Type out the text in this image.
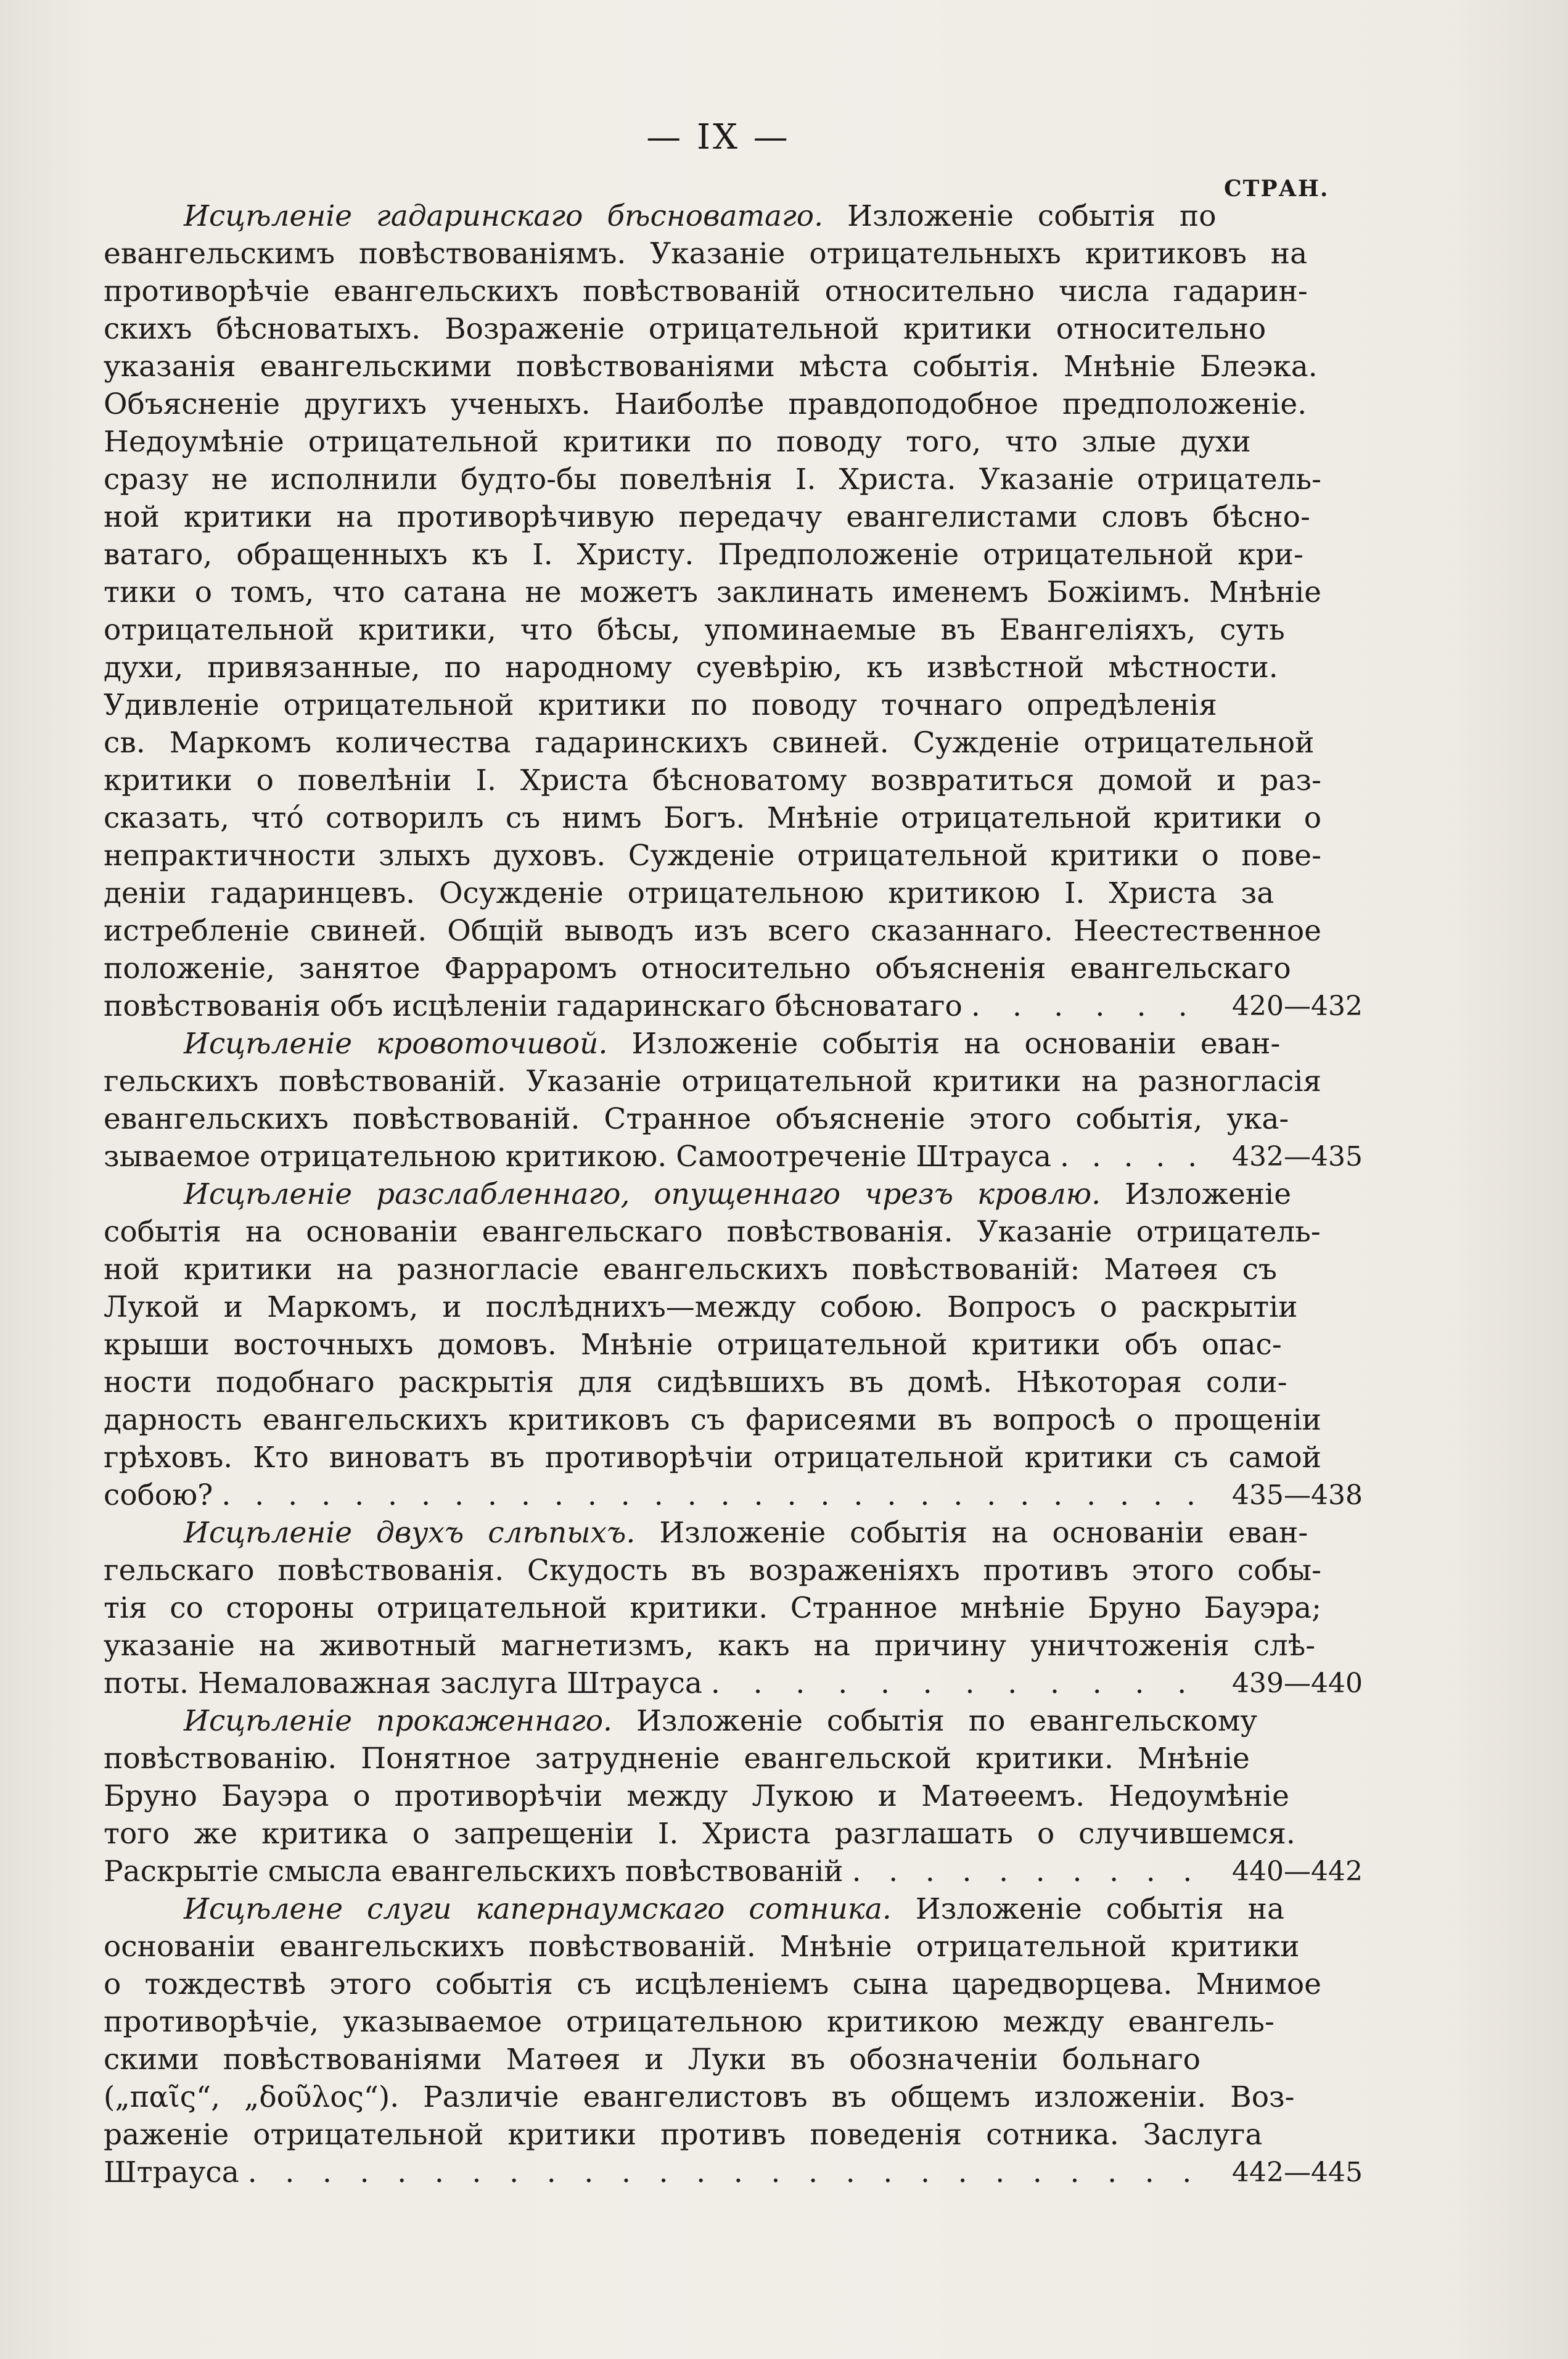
— IX —
СТРАН.
Исцѣленіе гадаринскаго бѣсноватаго. Изложеніе событія по
евангельскимъ повѣствованіямъ. Указаніе отрицательныхъ критиковъ на
противорѣчіе евангельскихъ повѣствованій относительно числа гадарин-
скихъ бѣсноватыхъ. Возраженіе отрицательной критики относительно
указанія евангельскими повѣствованіями мѣста событія. Мнѣніе Блеэка.
Объясненіе другихъ ученыхъ. Наиболѣе правдоподобное предположеніе.
Недоумѣніе отрицательной критики по поводу того, что злые духи
сразу не исполнили будто-бы повелѣнія I. Христа. Указаніе отрицатель-
ной критики на противорѣчивую передачу евангелистами словъ бѣсно-
ватаго, обращенныхъ къ I. Христу. Предположеніе отрицательной кри-
тики о томъ, что сатана не можетъ заклинать именемъ Божіимъ. Мнѣніе
отрицательной критики, что бѣсы, упоминаемые въ Евангеліяхъ, суть
духи, привязанные, по народному суевѣрію, къ извѣстной мѣстности.
Удивленіе отрицательной критики по поводу точнаго опредѣленія
св. Маркомъ количества гадаринскихъ свиней. Сужденіе отрицательной
критики о повелѣніи I. Христа бѣсноватому возвратиться домой и раз-
сказать, чтó сотворилъ съ нимъ Богъ. Мнѣніе отрицательной критики о
непрактичности злыхъ духовъ. Сужденіе отрицательной критики о пове-
деніи гадаринцевъ. Осужденіе отрицательною критикою I. Христа за
истребленіе свиней. Общій выводъ изъ всего сказаннаго. Неестественное
положеніе, занятое Фаррaромъ относительно объясненія евангельскаго
повѣствованія объ исцѣленіи гадаринскаго бѣсноватаго ...... 420—432
Исцѣленіе кровоточивой. Изложеніе событія на основаніи еван-
гельскихъ повѣствованій. Указаніе отрицательной критики на разногласія
евангельскихъ повѣствованій. Странное объясненіе этого событія, ука-
зываемое отрицательною критикою. Самоотреченіе Штрауса ..... 432—435
Исцѣленіе разслабленнаго, опущеннаго чрезъ кровлю. Изложеніе
событія на основаніи евангельскаго повѣствованія. Указаніе отрицатель-
ной критики на разногласіе евангельскихъ повѣствованій: Матѳея съ
Лукой и Маркомъ, и послѣднихъ—между собою. Вопросъ о раскрытіи
крыши восточныхъ домовъ. Мнѣніе отрицательной критики объ опас-
ности подобнаго раскрытія для сидѣвшихъ въ домѣ. Нѣкоторая соли-
дарность евангельскихъ критиковъ съ фарисеями въ вопросѣ о прощеніи
грѣховъ. Кто виноватъ въ противорѣчіи отрицательной критики съ самой
собою? .............................. 435—438
Исцѣленіе двухъ слѣпыхъ. Изложеніе событія на основаніи еван-
гельскаго повѣствованія. Скудость въ возраженіяхъ противъ этого собы-
тія со стороны отрицательной критики. Странное мнѣніе Бруно Бауэра;
указаніе на животный магнетизмъ, какъ на причину уничтоженія слѣ-
поты. Немаловажная заслуга Штрауса ............ 439—440
Исцѣленіе прокаженнаго. Изложеніе событія по евангельскому
повѣствованію. Понятное затрудненіе евангельской критики. Мнѣніе
Бруно Бауэра о противорѣчіи между Лукою и Матѳеемъ. Недоумѣніе
того же критика о запрещеніи I. Христа разглашать о случившемся.
Раскрытіе смысла евангельскихъ повѣствованій .......... 440—442
Исцѣлене слуги капернаумскаго сотника. Изложеніе событія на
основаніи евангельскихъ повѣствованій. Мнѣніе отрицательной критики
о тождествѣ этого событія съ исцѣленіемъ сына царедворцева. Мнимое
противорѣчіе, указываемое отрицательною критикою между евангель-
скими повѣствованіями Матѳея и Луки въ обозначеніи больнаго
(„παῖς“, „δοῦλος“). Различіе евангелистовъ въ общемъ изложеніи. Воз-
раженіе отрицательной критики противъ поведенія сотника. Заслуга
Штрауса .......................... 442—445
